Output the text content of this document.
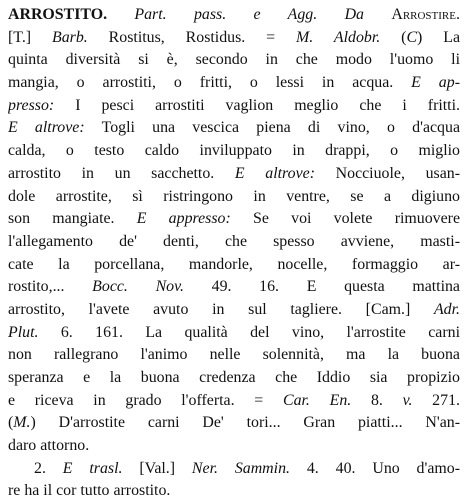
ARROSTITO. Part. pass. e Agg. Da Arrostire.
[T.] Barb. Rostitus, Rostidus. = M. Aldobr. (C) La
quinta diversità si è, secondo in che modo l'uomo li
mangia, o arrostiti, o fritti, o lessi in acqua. E ap-
presso: I pesci arrostiti vaglion meglio che i fritti.
E altrove: Togli una vescica piena di vino, o d'acqua
calda, o testo caldo inviluppato in drappi, o miglio
arrostito in un sacchetto. E altrove: Nocciuole, usan-
dole arrostite, sì ristringono in ventre, se a digiuno
son mangiate. E appresso: Se voi volete rimuovere
l'allegamento de' denti, che spesso avviene, masti-
cate la porcellana, mandorle, nocelle, formaggio ar-
rostito,... Bocc. Nov. 49. 16. E questa mattina
arrostito, l'avete avuto in sul tagliere. [Cam.] Adr.
Plut. 6. 161. La qualità del vino, l'arrostite carni
non rallegrano l'animo nelle solennità, ma la buona
speranza e la buona credenza che Iddio sia propizio
e riceva in grado l'offerta. = Car. En. 8. v. 271.
(M.) D'arrostite carni De' tori... Gran piatti... N'an-
daro attorno.
2. E trasl. [Val.] Ner. Sammin. 4. 40. Uno d'amo-
re ha il cor tutto arrostito.
